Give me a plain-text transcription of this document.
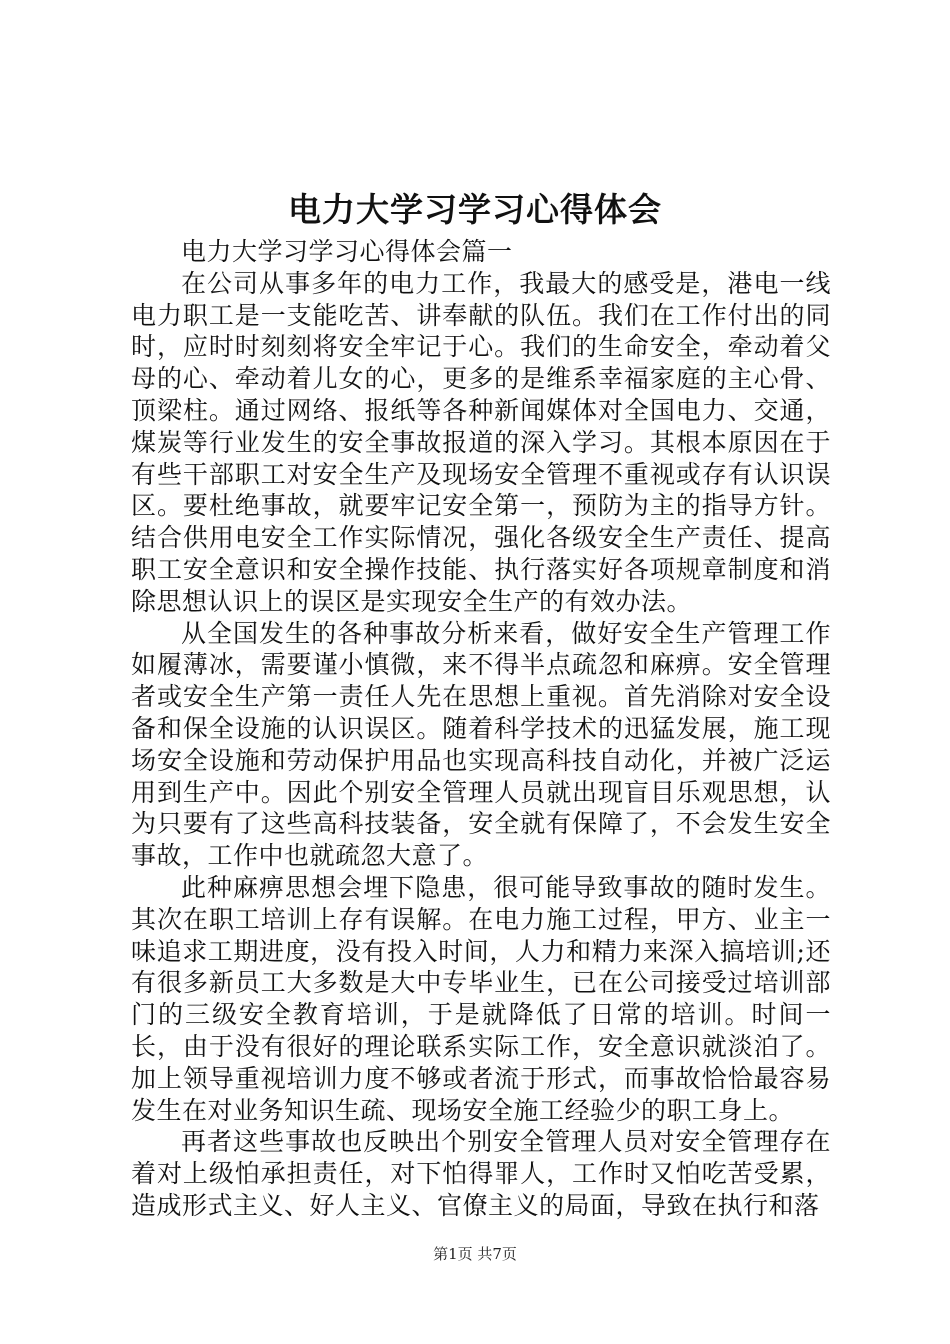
电力大学习学习心得体会

电力大学习学习心得体会篇一

在公司从事多年的电力工作，我最大的感受是，港电一线电力职工是一支能吃苦、讲奉献的队伍。我们在工作付出的同时，应时时刻刻将安全牢记于心。我们的生命安全，牵动着父母的心、牵动着儿女的心，更多的是维系幸福家庭的主心骨、顶梁柱。通过网络、报纸等各种新闻媒体对全国电力、交通，煤炭等行业发生的安全事故报道的深入学习。其根本原因在于有些干部职工对安全生产及现场安全管理不重视或存有认识误区。要杜绝事故，就要牢记安全第一，预防为主的指导方针。结合供用电安全工作实际情况，强化各级安全生产责任、提高职工安全意识和安全操作技能、执行落实好各项规章制度和消除思想认识上的误区是实现安全生产的有效办法。

从全国发生的各种事故分析来看，做好安全生产管理工作如履薄冰，需要谨小慎微，来不得半点疏忽和麻痹。安全管理者或安全生产第一责任人先在思想上重视。首先消除对安全设备和保全设施的认识误区。随着科学技术的迅猛发展，施工现场安全设施和劳动保护用品也实现高科技自动化，并被广泛运用到生产中。因此个别安全管理人员就出现盲目乐观思想，认为只要有了这些高科技装备，安全就有保障了，不会发生安全事故，工作中也就疏忽大意了。

此种麻痹思想会埋下隐患，很可能导致事故的随时发生。其次在职工培训上存有误解。在电力施工过程，甲方、业主一味追求工期进度，没有投入时间，人力和精力来深入搞培训;还有很多新员工大多数是大中专毕业生，已在公司接受过培训部门的三级安全教育培训，于是就降低了日常的培训。时间一长，由于没有很好的理论联系实际工作，安全意识就淡泊了。加上领导重视培训力度不够或者流于形式，而事故恰恰最容易发生在对业务知识生疏、现场安全施工经验少的职工身上。

再者这些事故也反映出个别安全管理人员对安全管理存在着对上级怕承担责任，对下怕得罪人，工作时又怕吃苦受累，造成形式主义、好人主义、官僚主义的局面，导致在执行和落

第1页 共7页
